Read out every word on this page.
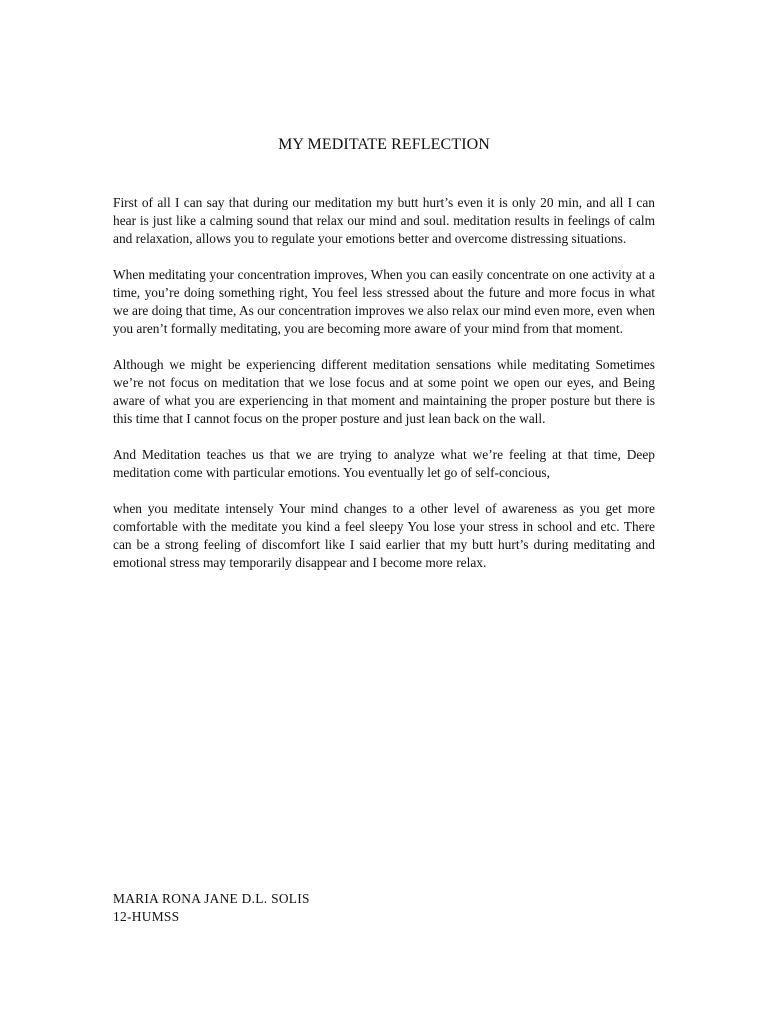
MY MEDITATE REFLECTION

First of all I can say that during our meditation my butt hurt’s even it is only 20 min, and all I can hear is just like a calming sound that relax our mind and soul. meditation results in feelings of calm and relaxation, allows you to regulate your emotions better and overcome distressing situations.

When meditating your concentration improves, When you can easily concentrate on one activity at a time, you’re doing something right, You feel less stressed about the future and more focus in what we are doing that time, As our concentration improves we also relax our mind even more, even when you aren’t formally meditating, you are becoming more aware of your mind from that moment.

Although we might be experiencing different meditation sensations while meditating Sometimes we’re not focus on meditation that we lose focus and at some point we open our eyes, and Being aware of what you are experiencing in that moment and maintaining the proper posture but there is this time that I cannot focus on the proper posture and just lean back on the wall.

And Meditation teaches us that we are trying to analyze what we’re feeling at that time, Deep meditation come with particular emotions. You eventually let go of self-concious,

when you meditate intensely Your mind changes to a other level of awareness as you get more comfortable with the meditate you kind a feel sleepy You lose your stress in school and etc. There can be a strong feeling of discomfort like I said earlier that my butt hurt’s during meditating and emotional stress may temporarily disappear and I become more relax.

MARIA RONA JANE D.L. SOLIS
12-HUMSS
